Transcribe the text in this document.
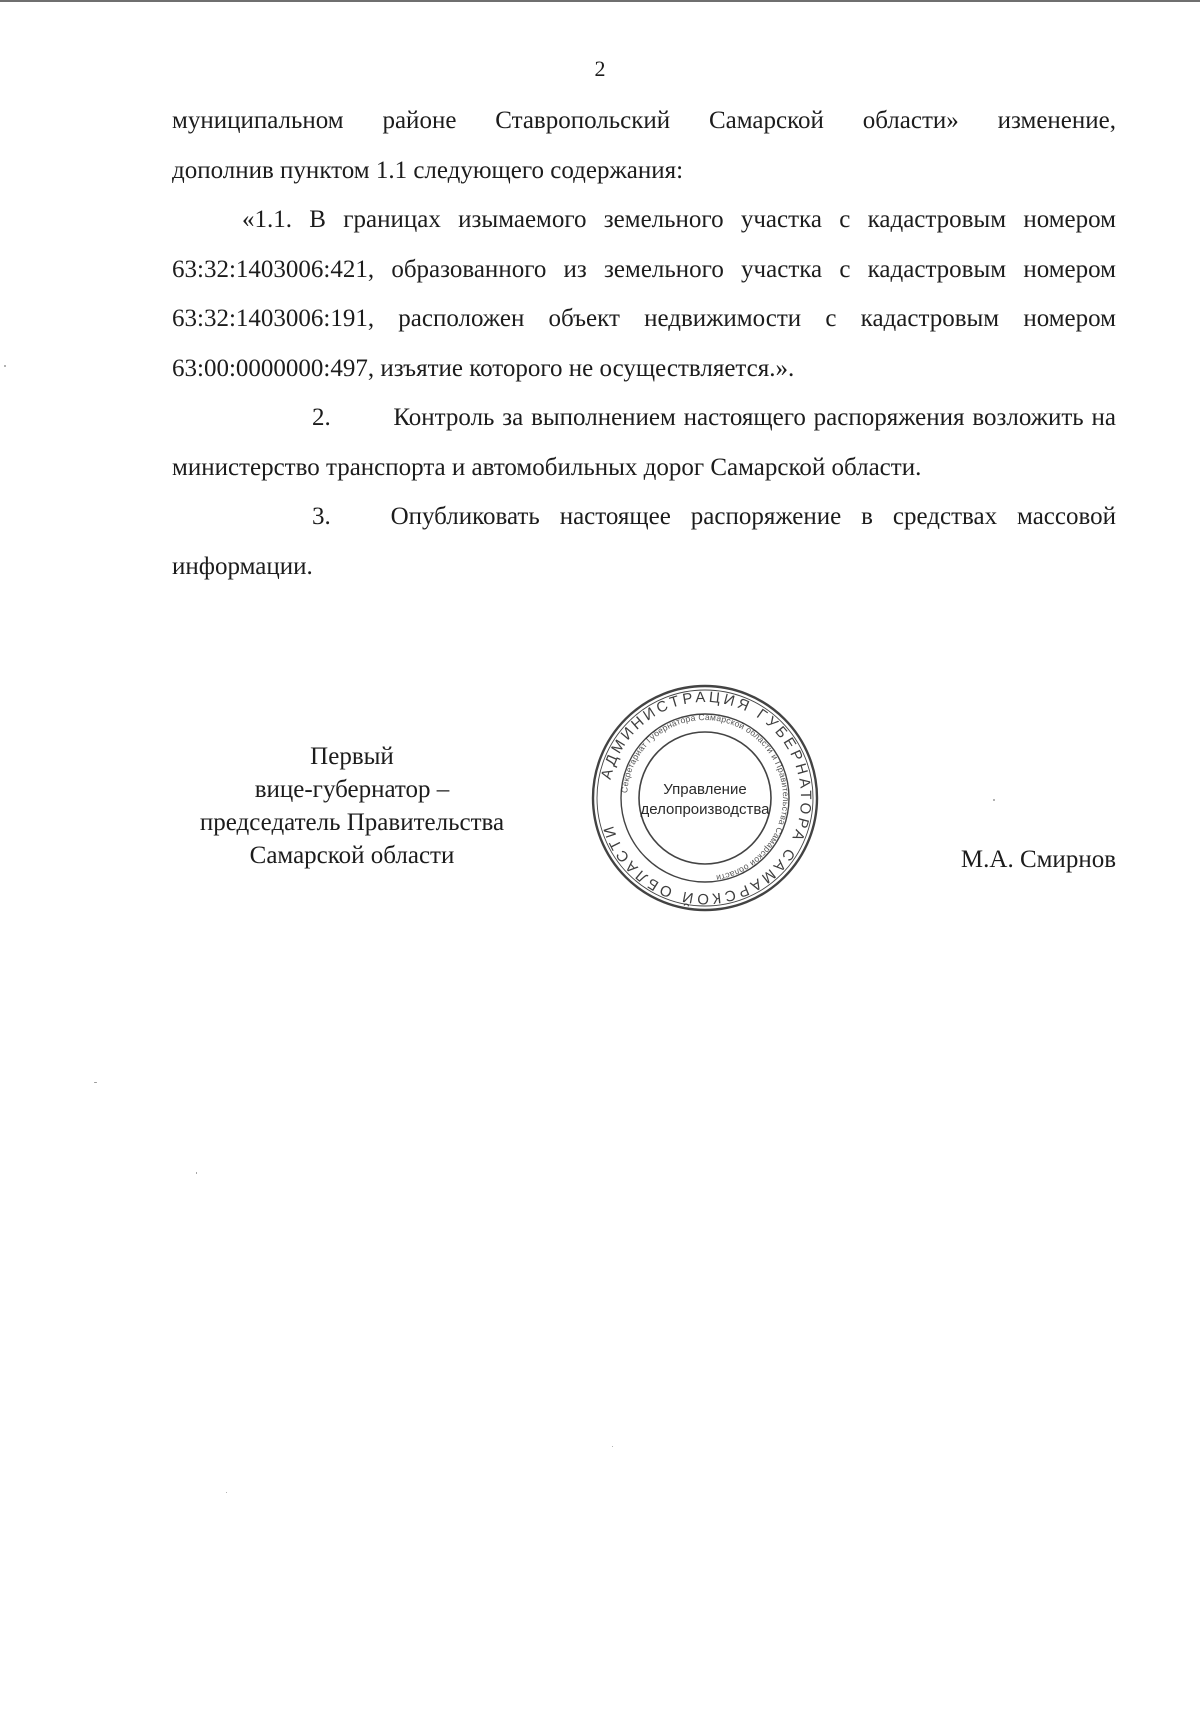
2

муниципальном районе Ставропольский Самарской области» изменение,

дополнив пунктом 1.1 следующего содержания:

«1.1. В границах изымаемого земельного участка с кадастровым номером 63:32:1403006:421, образованного из земельного участка с кадастровым номером 63:32:1403006:191, расположен объект недвижимости с кадастровым номером 63:00:0000000:497, изъятие которого не осуществляется.».

2.	Контроль за выполнением настоящего распоряжения возложить на министерство транспорта и автомобильных дорог Самарской области.

3. Опубликовать настоящее распоряжение в средствах массовой информации.

Первый
вице-губернатор –
председатель Правительства
Самарской области
АДМИНИСТРАЦИЯ ГУБЕРНАТОРА САМАРСКОЙ ОБЛАСТИ
Секретариат Губернатора Самарской области и Правительства Самарской области
Управление
делопроизводства
М.А. Смирнов
